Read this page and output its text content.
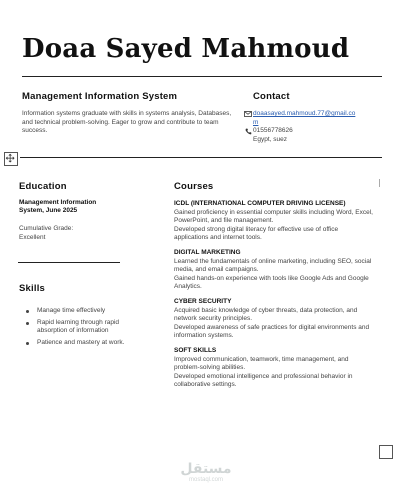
Doaa Sayed Mahmoud
Management Information System
Information systems graduate with skills in systems analysis, Databases, and technical problem-solving. Eager to grow and contribute to team success.
Contact
doaasayed.mahmoud.77@gmail.com
01556778626
Egypt, suez
Education
Management Information System, June 2025
Cumulative Grade:
Excellent
Skills
Manage time effectively
Rapid learning through rapid absorption of information
Patience and mastery at work.
Courses
ICDL (INTERNATIONAL COMPUTER DRIVING LICENSE)
Gained proficiency in essential computer skills including Word, Excel, PowerPoint, and file management.
Developed strong digital literacy for effective use of office applications and internet tools.
DIGITAL MARKETING
Learned the fundamentals of online marketing, including SEO, social media, and email campaigns.
Gained hands-on experience with tools like Google Ads and Google Analytics.
CYBER SECURITY
Acquired basic knowledge of cyber threats, data protection, and network security principles.
Developed awareness of safe practices for digital environments and information systems.
SOFT SKILLS
Improved communication, teamwork, time management, and problem-solving abilities.
Developed emotional intelligence and professional behavior in collaborative settings.
مستقل
mostaql.com
